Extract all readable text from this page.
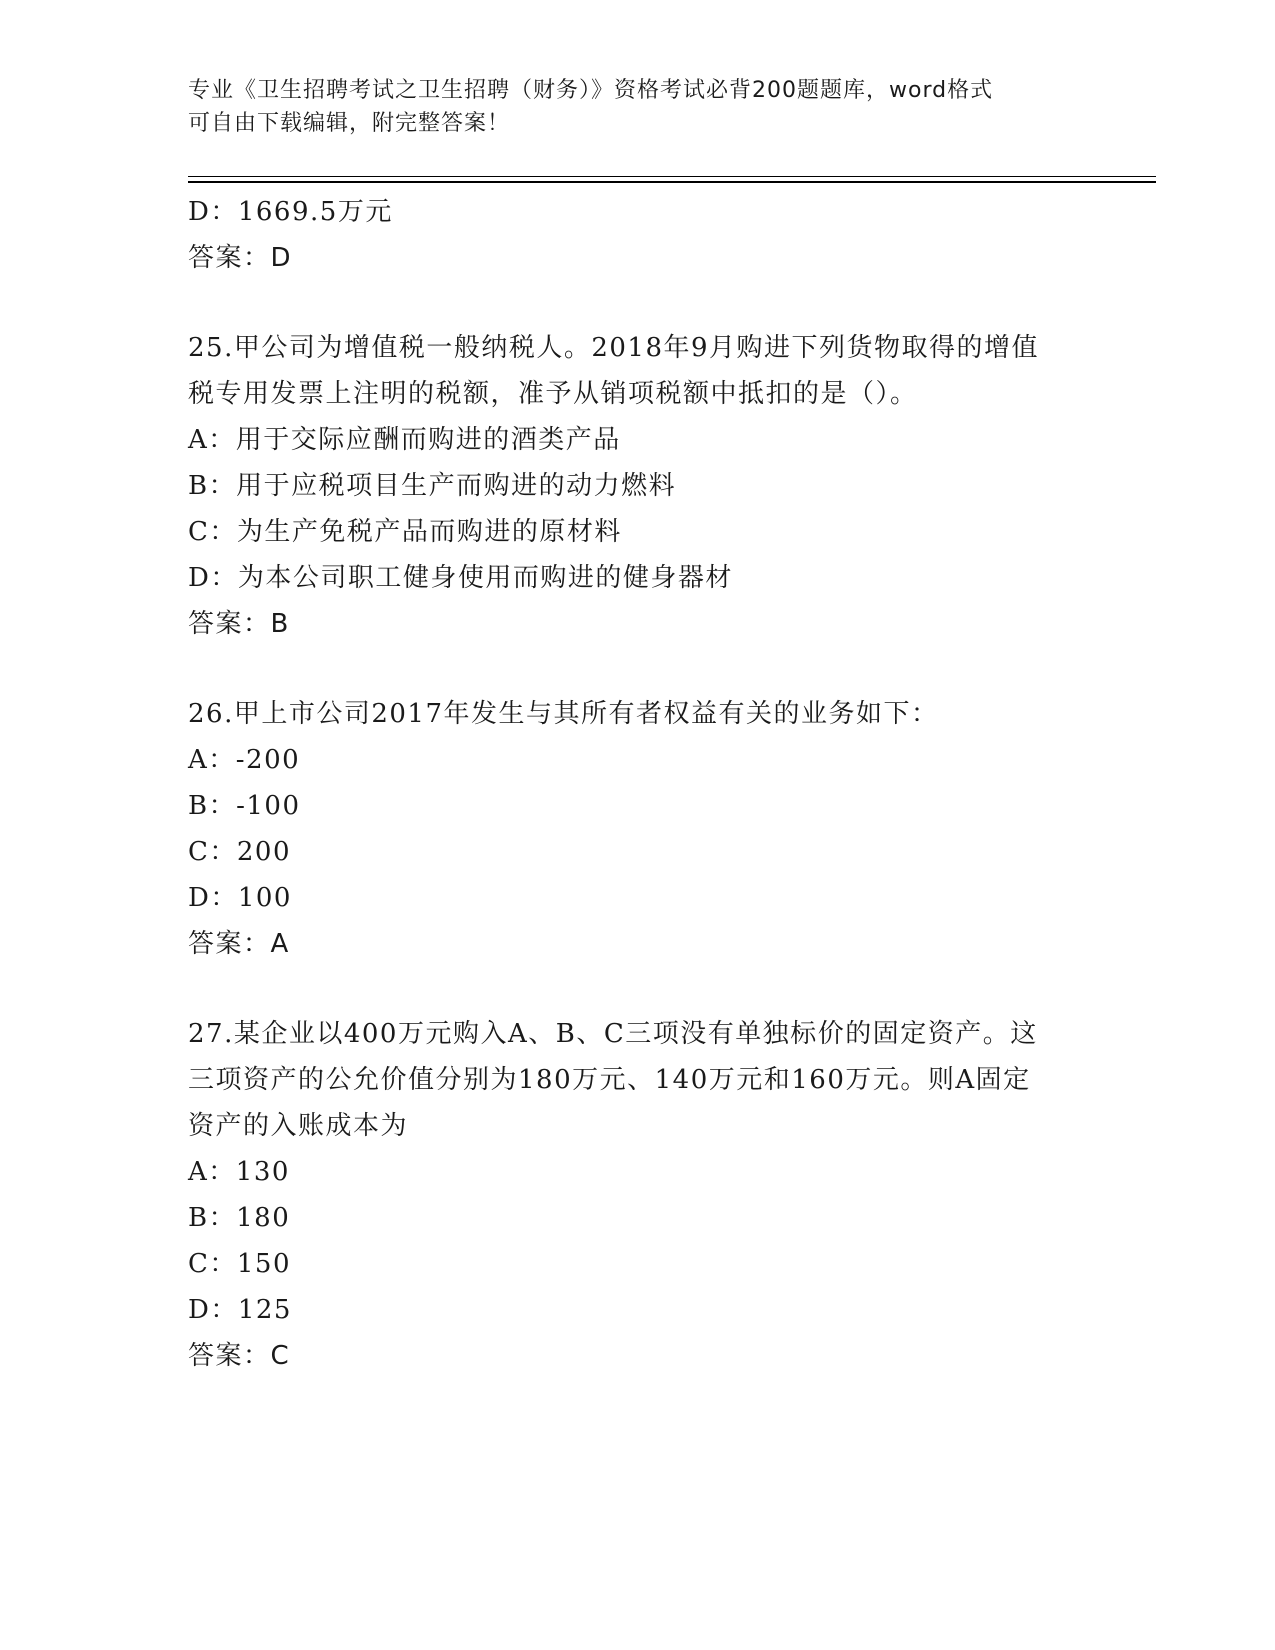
专业《卫生招聘考试之卫生招聘（财务）》资格考试必背200题题库，word格式
可自由下载编辑，附完整答案！
D：1669.5万元
答案：D
25.甲公司为增值税一般纳税人。2018年9月购进下列货物取得的增值
税专用发票上注明的税额，准予从销项税额中抵扣的是（）。
A：用于交际应酬而购进的酒类产品
B：用于应税项目生产而购进的动力燃料
C：为生产免税产品而购进的原材料
D：为本公司职工健身使用而购进的健身器材
答案：B
26.甲上市公司2017年发生与其所有者权益有关的业务如下：
A：-200
B：-100
C：200
D：100
答案：A
27.某企业以400万元购入A、B、C三项没有单独标价的固定资产。这
三项资产的公允价值分别为180万元、140万元和160万元。则A固定
资产的入账成本为
A：130
B：180
C：150
D：125
答案：C
